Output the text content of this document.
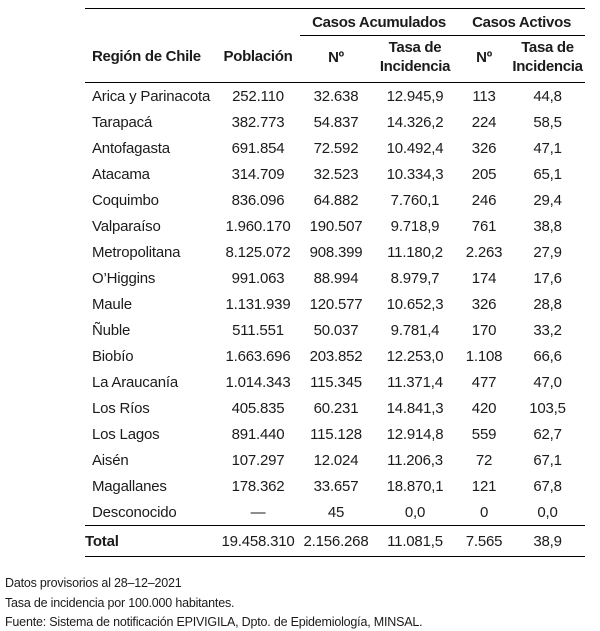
		Casos Acumulados		Casos Activos	
Región de Chile	Población	Nº	Tasa de Incidencia	Nº	Tasa de Incidencia
Arica y Parinacota	252.110	32.638	12.945,9	113	44,8
Tarapacá	382.773	54.837	14.326,2	224	58,5
Antofagasta	691.854	72.592	10.492,4	326	47,1
Atacama	314.709	32.523	10.334,3	205	65,1
Coquimbo	836.096	64.882	7.760,1	246	29,4
Valparaíso	1.960.170	190.507	9.718,9	761	38,8
Metropolitana	8.125.072	908.399	11.180,2	2.263	27,9
O’Higgins	991.063	88.994	8.979,7	174	17,6
Maule	1.131.939	120.577	10.652,3	326	28,8
Ñuble	511.551	50.037	9.781,4	170	33,2
Biobío	1.663.696	203.852	12.253,0	1.108	66,6
La Araucanía	1.014.343	115.345	11.371,4	477	47,0
Los Ríos	405.835	60.231	14.841,3	420	103,5
Los Lagos	891.440	115.128	12.914,8	559	62,7
Aisén	107.297	12.024	11.206,3	72	67,1
Magallanes	178.362	33.657	18.870,1	121	67,8
Desconocido	—	45	0,0	0	0,0
Total	19.458.310	2.156.268	11.081,5	7.565	38,9
Datos provisorios al 28–12–2021
Tasa de incidencia por 100.000 habitantes.
Fuente: Sistema de notificación EPIVIGILA, Dpto. de Epidemiología, MINSAL.
